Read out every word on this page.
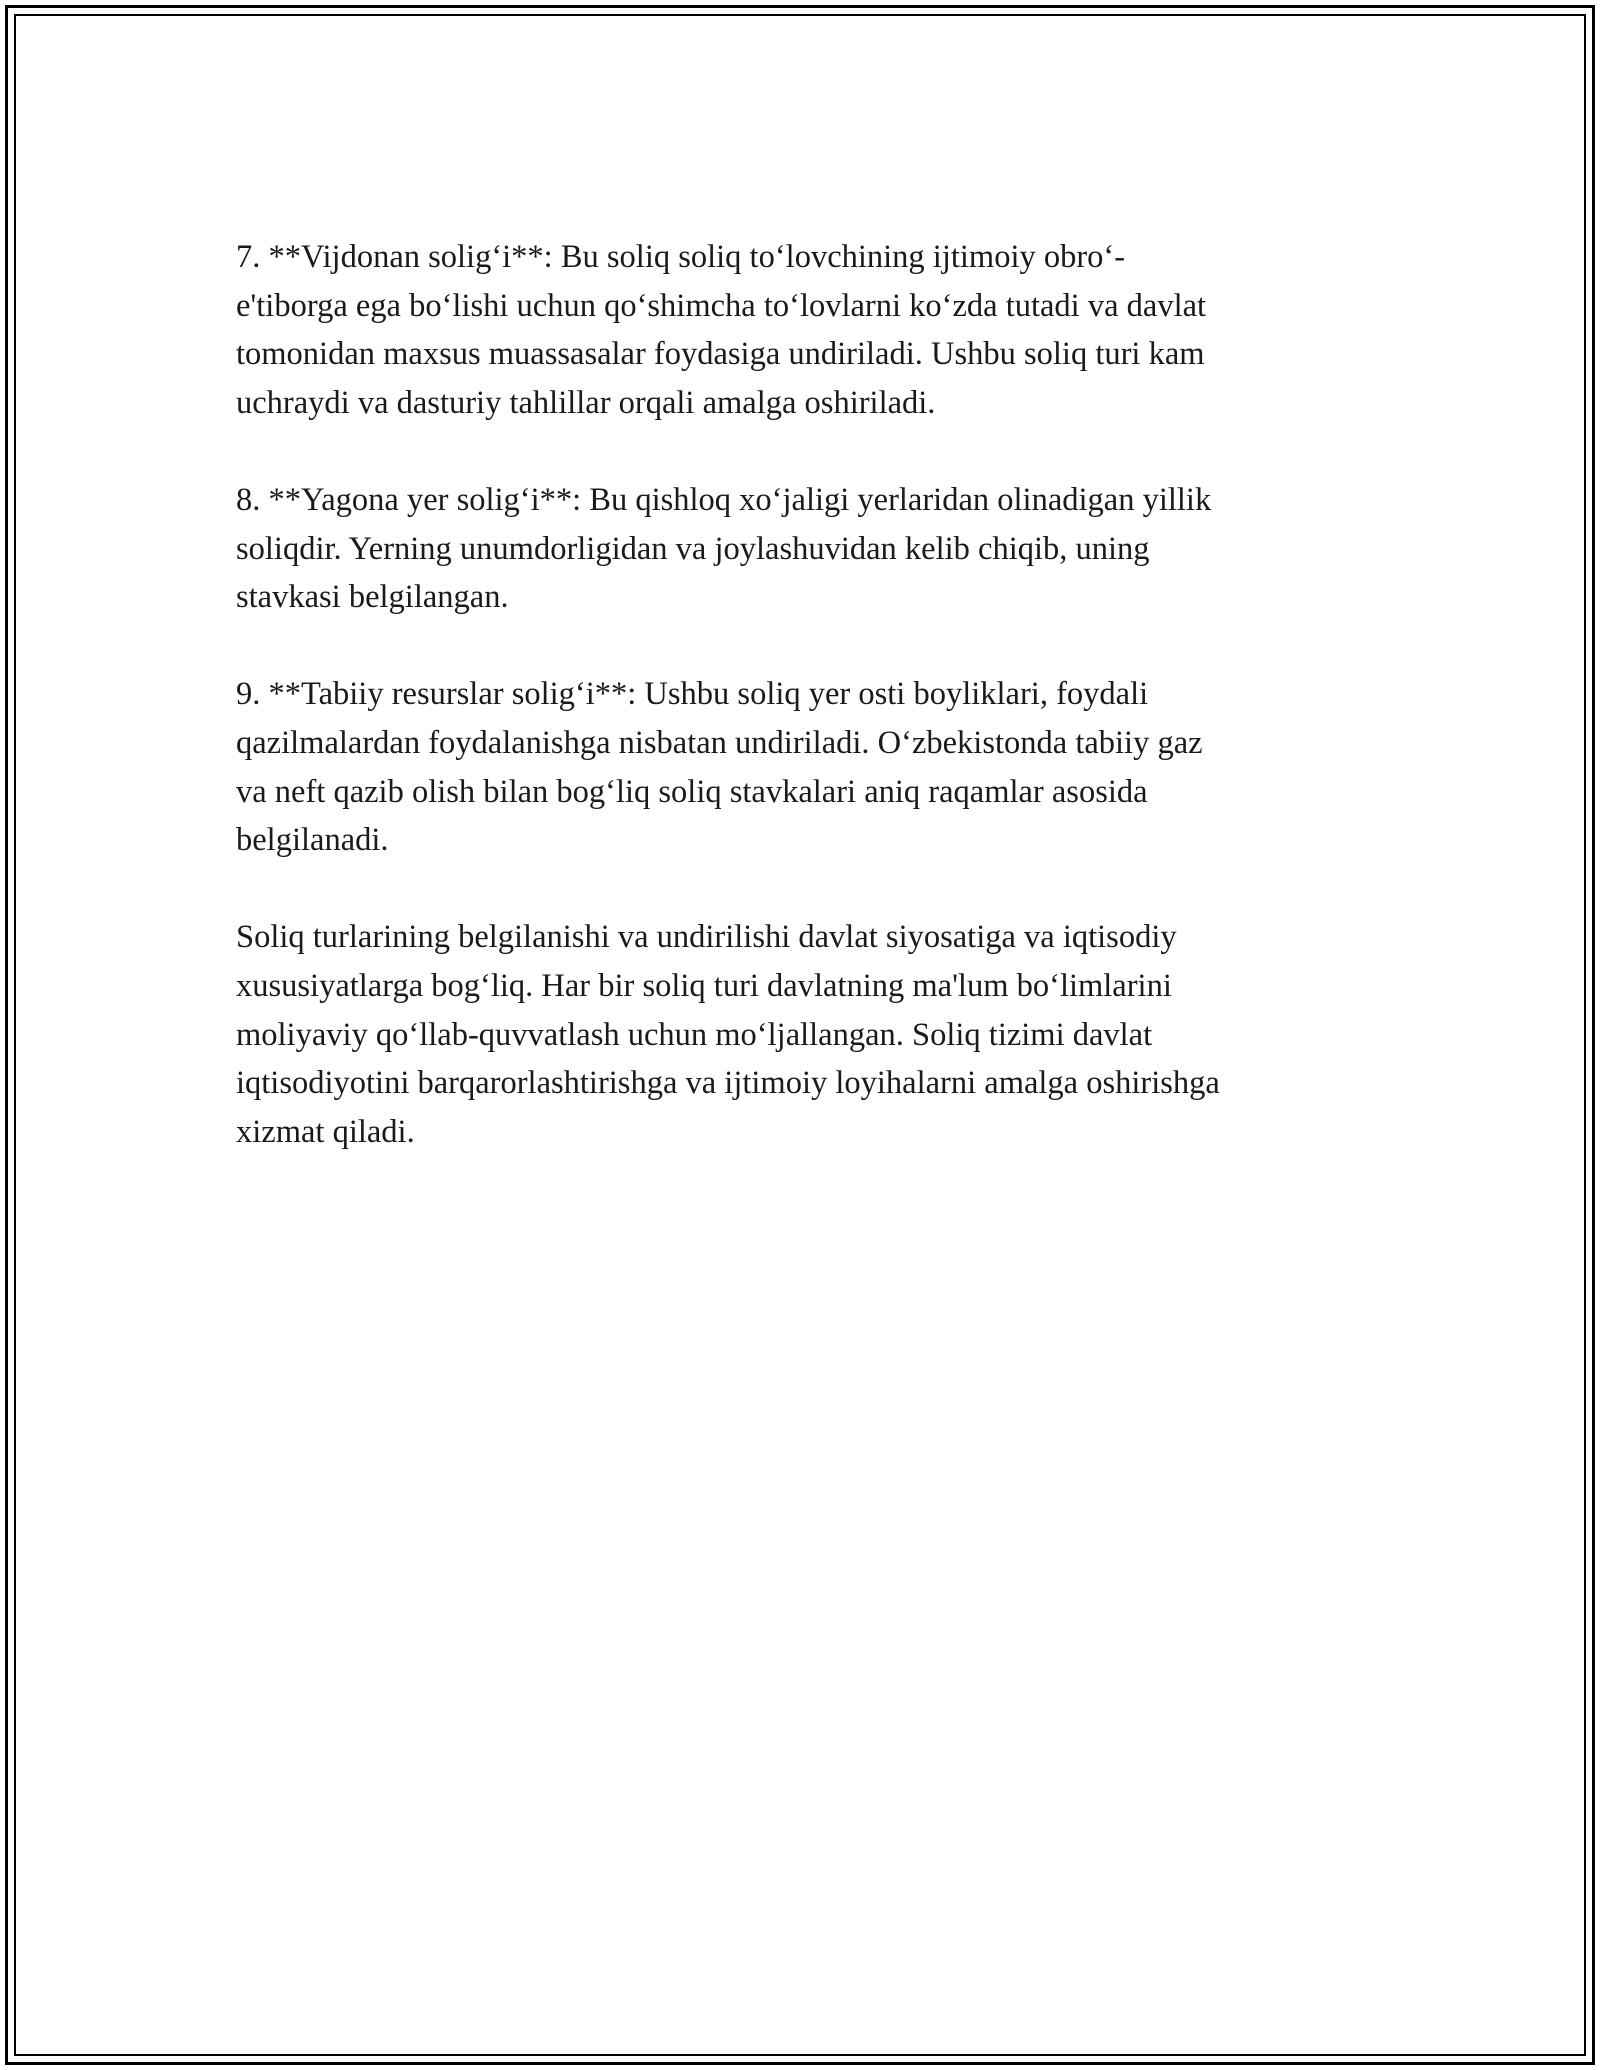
7. **Vijdonan solig‘i**: Bu soliq soliq to‘lovchining ijtimoiy obro‘-
e'tiborga ega bo‘lishi uchun qo‘shimcha to‘lovlarni ko‘zda tutadi va davlat
tomonidan maxsus muassasalar foydasiga undiriladi. Ushbu soliq turi kam
uchraydi va dasturiy tahlillar orqali amalga oshiriladi.

8. **Yagona yer solig‘i**: Bu qishloq xo‘jaligi yerlaridan olinadigan yillik
soliqdir. Yerning unumdorligidan va joylashuvidan kelib chiqib, uning
stavkasi belgilangan.

9. **Tabiiy resurslar solig‘i**: Ushbu soliq yer osti boyliklari, foydali
qazilmalardan foydalanishga nisbatan undiriladi. O‘zbekistonda tabiiy gaz
va neft qazib olish bilan bog‘liq soliq stavkalari aniq raqamlar asosida
belgilanadi.

Soliq turlarining belgilanishi va undirilishi davlat siyosatiga va iqtisodiy
xususiyatlarga bog‘liq. Har bir soliq turi davlatning ma'lum bo‘limlarini
moliyaviy qo‘llab-quvvatlash uchun mo‘ljallangan. Soliq tizimi davlat
iqtisodiyotini barqarorlashtirishga va ijtimoiy loyihalarni amalga oshirishga
xizmat qiladi.
